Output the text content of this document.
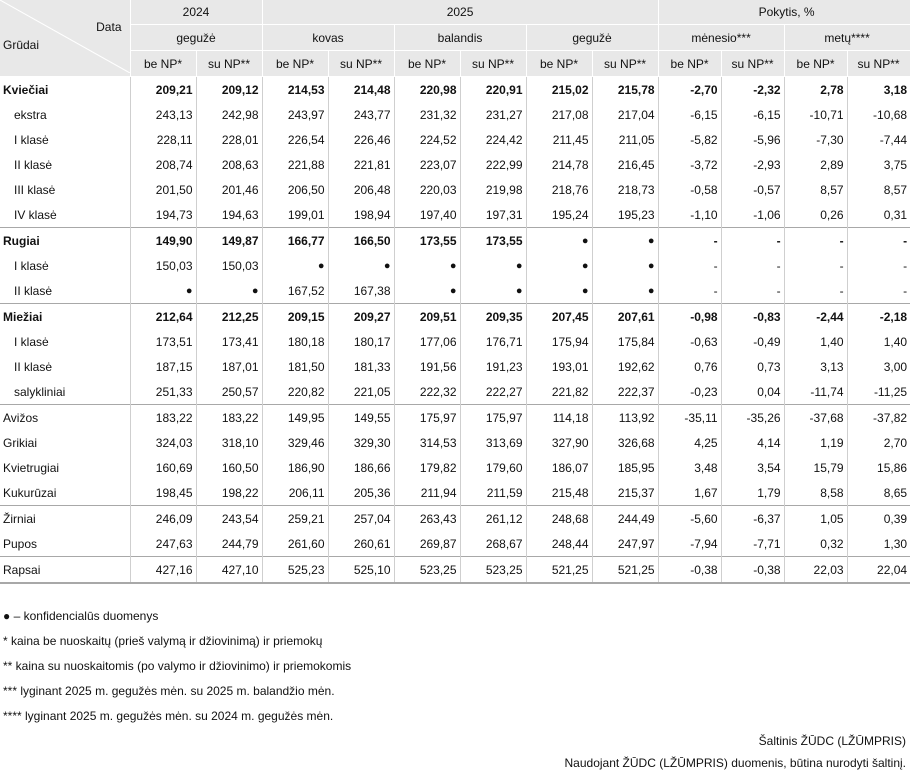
Data
Grūdai	2024		2025						Pokytis, %			
	gegužė		kovas		balandis		gegužė		mėnesio***		metų****	
	be NP*	su NP**	be NP*	su NP**	be NP*	su NP**	be NP*	su NP**	be NP*	su NP**	be NP*	su NP**
Kviečiai	209,21	209,12	214,53	214,48	220,98	220,91	215,02	215,78	-2,70	-2,32	2,78	3,18
ekstra	243,13	242,98	243,97	243,77	231,32	231,27	217,08	217,04	-6,15	-6,15	-10,71	-10,68
I klasė	228,11	228,01	226,54	226,46	224,52	224,42	211,45	211,05	-5,82	-5,96	-7,30	-7,44
II klasė	208,74	208,63	221,88	221,81	223,07	222,99	214,78	216,45	-3,72	-2,93	2,89	3,75
III klasė	201,50	201,46	206,50	206,48	220,03	219,98	218,76	218,73	-0,58	-0,57	8,57	8,57
IV klasė	194,73	194,63	199,01	198,94	197,40	197,31	195,24	195,23	-1,10	-1,06	0,26	0,31
Rugiai	149,90	149,87	166,77	166,50	173,55	173,55	●	●	-	-	-	-
I klasė	150,03	150,03	●	●	●	●	●	●	-	-	-	-
II klasė	●	●	167,52	167,38	●	●	●	●	-	-	-	-
Miežiai	212,64	212,25	209,15	209,27	209,51	209,35	207,45	207,61	-0,98	-0,83	-2,44	-2,18
I klasė	173,51	173,41	180,18	180,17	177,06	176,71	175,94	175,84	-0,63	-0,49	1,40	1,40
II klasė	187,15	187,01	181,50	181,33	191,56	191,23	193,01	192,62	0,76	0,73	3,13	3,00
salykliniai	251,33	250,57	220,82	221,05	222,32	222,27	221,82	222,37	-0,23	0,04	-11,74	-11,25
Avižos	183,22	183,22	149,95	149,55	175,97	175,97	114,18	113,92	-35,11	-35,26	-37,68	-37,82
Grikiai	324,03	318,10	329,46	329,30	314,53	313,69	327,90	326,68	4,25	4,14	1,19	2,70
Kvietrugiai	160,69	160,50	186,90	186,66	179,82	179,60	186,07	185,95	3,48	3,54	15,79	15,86
Kukurūzai	198,45	198,22	206,11	205,36	211,94	211,59	215,48	215,37	1,67	1,79	8,58	8,65
Žirniai	246,09	243,54	259,21	257,04	263,43	261,12	248,68	244,49	-5,60	-6,37	1,05	0,39
Pupos	247,63	244,79	261,60	260,61	269,87	268,67	248,44	247,97	-7,94	-7,71	0,32	1,30
Rapsai	427,16	427,10	525,23	525,10	523,25	523,25	521,25	521,25	-0,38	-0,38	22,03	22,04
● – konfidencialūs duomenys
* kaina be nuoskaitų (prieš valymą ir džiovinimą) ir priemokų
** kaina su nuoskaitomis (po valymo ir džiovinimo) ir priemokomis
*** lyginant 2025 m. gegužės mėn. su 2025 m. balandžio mėn.
**** lyginant 2025 m. gegužės mėn. su 2024 m. gegužės mėn.
Šaltinis ŽŪDC (LŽŪMPRIS)
Naudojant ŽŪDC (LŽŪMPRIS) duomenis, būtina nurodyti šaltinį.
